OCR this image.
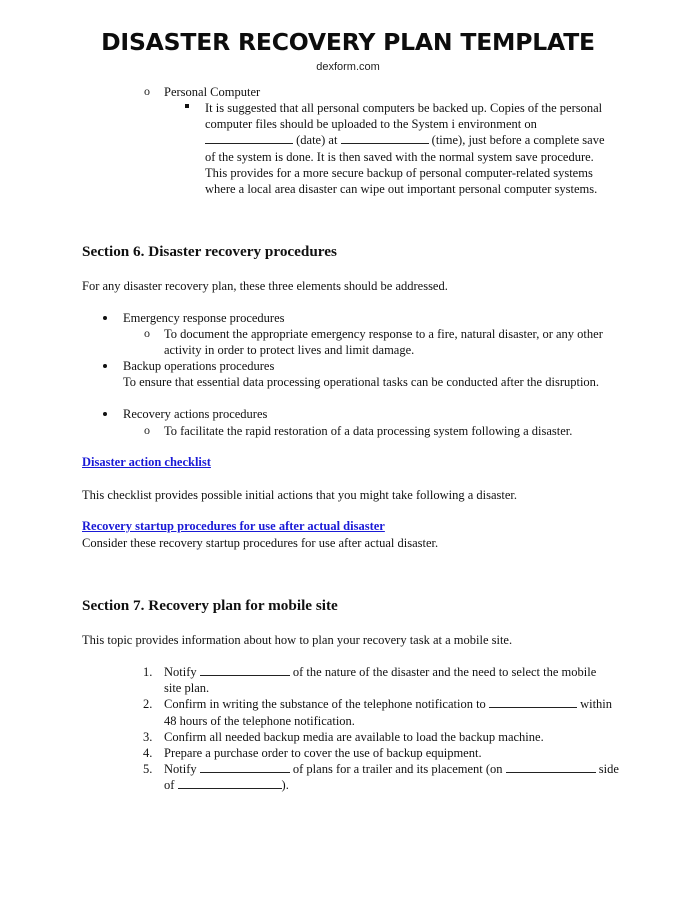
DISASTER RECOVERY PLAN TEMPLATE
dexform.com
o Personal Computer
It is suggested that all personal computers be backed up. Copies of the personal
computer files should be uploaded to the System i environment on
(date) at	(time), just before a complete save
of the system is done. It is then saved with the normal system save procedure.
This provides for a more secure backup of personal computer-related systems
where a local area disaster can wipe out important personal computer systems.
Section 6. Disaster recovery procedures
For any disaster recovery plan, these three elements should be addressed.
Emergency response procedures
o To document the appropriate emergency response to a fire, natural disaster, or any other
activity in order to protect lives and limit damage.
Backup operations procedures
To ensure that essential data processing operational tasks can be conducted after the disruption.
Recovery actions procedures
o To facilitate the rapid restoration of a data processing system following a disaster.
Disaster action checklist
This checklist provides possible initial actions that you might take following a disaster.
Recovery startup procedures for use after actual disaster
Consider these recovery startup procedures for use after actual disaster.
Section 7. Recovery plan for mobile site
This topic provides information about how to plan your recovery task at a mobile site.
1. Notify	of the nature of the disaster and the need to select the mobile
site plan.
2. Confirm in writing the substance of the telephone notification to	within
48 hours of the telephone notification.
3. Confirm all needed backup media are available to load the backup machine.
4. Prepare a purchase order to cover the use of backup equipment.
5. Notify	of plans for a trailer and its placement (on	side
of	).
